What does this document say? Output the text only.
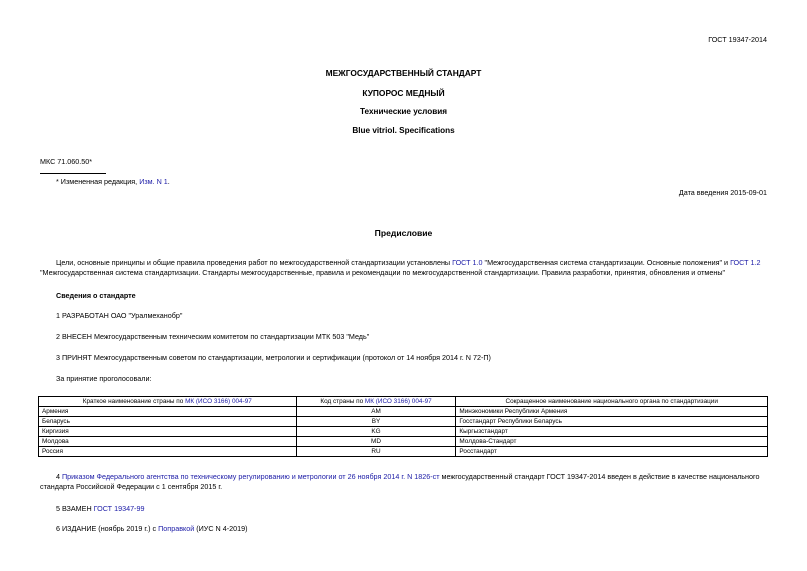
ГОСТ 19347-2014
МЕЖГОСУДАРСТВЕННЫЙ СТАНДАРТ
КУПОРОС МЕДНЫЙ
Технические условия
Blue vitriol. Specifications
МКС 71.060.50*
* Измененная редакция, Изм. N 1.
Дата введения 2015-09-01
Предисловие
Цели, основные принципы и общие правила проведения работ по межгосударственной стандартизации установлены ГОСТ 1.0 "Межгосударственная система стандартизации. Основные положения" и ГОСТ 1.2 "Межгосударственная система стандартизации. Стандарты межгосударственные, правила и рекомендации по межгосударственной стандартизации. Правила разработки, принятия, обновления и отмены"
Сведения о стандарте
1 РАЗРАБОТАН ОАО "Уралмеханобр"
2 ВНЕСЕН Межгосударственным техническим комитетом по стандартизации МТК 503 "Медь"
3 ПРИНЯТ Межгосударственным советом по стандартизации, метрологии и сертификации (протокол от 14 ноября 2014 г. N 72-П)
За принятие проголосовали:
Краткое наименование страны по МК (ИСО 3166) 004-97	Код страны по МК (ИСО 3166) 004-97	Сокращенное наименование национального органа по стандартизации
Армения	AM	Минэкономики Республики Армения
Беларусь	BY	Госстандарт Республики Беларусь
Киргизия	KG	Кыргызстандарт
Молдова	MD	Молдова-Стандарт
Россия	RU	Росстандарт
4 Приказом Федерального агентства по техническому регулированию и метрологии от 26 ноября 2014 г. N 1826-ст межгосударственный стандарт ГОСТ 19347-2014 введен в действие в качестве национального стандарта Российской Федерации с 1 сентября 2015 г.
5 ВЗАМЕН ГОСТ 19347-99
6 ИЗДАНИЕ (ноябрь 2019 г.) с Поправкой (ИУС N 4-2019)
